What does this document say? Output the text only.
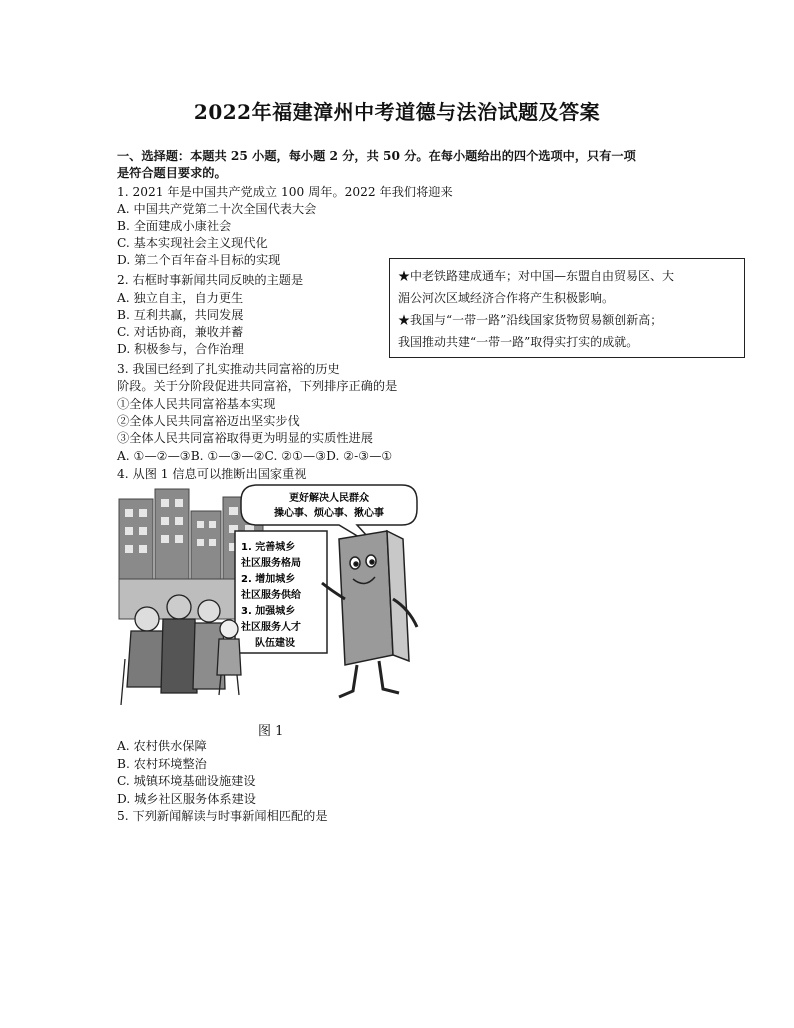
2022年福建漳州中考道德与法治试题及答案
一、选择题：本题共 25 小题，每小题 2 分，共 50 分。在每小题给出的四个选项中，只有一项
是符合题目要求的。
1. 2021 年是中国共产党成立 100 周年。2022 年我们将迎来
A. 中国共产党第二十次全国代表大会
B. 全面建成小康社会
C. 基本实现社会主义现代化
D. 第二个百年奋斗目标的实现
2. 右框时事新闻共同反映的主题是
A. 独立自主，自力更生
B. 互利共赢，共同发展
C. 对话协商，兼收并蓄
D. 积极参与，合作治理

★中老铁路建成通车；对中国—东盟自由贸易区、大

湄公河次区域经济合作将产生积极影响。

★我国与“一带一路”沿线国家货物贸易额创新高；

我国推动共建“一带一路”取得实打实的成就。

3. 我国已经到了扎实推动共同富裕的历史
阶段。关于分阶段促进共同富裕，下列排序正确的是
①全体人民共同富裕基本实现
②全体人民共同富裕迈出坚实步伐
③全体人民共同富裕取得更为明显的实质性进展
A. ①—②—③B. ①—③—②C. ②①—③D. ②-③—①
4. 从图 1 信息可以推断出国家重视
更好解决人民群众
操心事、烦心事、揪心事
1. 完善城乡
社区服务格局
2. 增加城乡
社区服务供给
3. 加强城乡
社区服务人才
队伍建设
图 1
A. 农村供水保障
B. 农村环境整治
C. 城镇环境基础设施建设
D. 城乡社区服务体系建设
5. 下列新闻解读与时事新闻相匹配的是
